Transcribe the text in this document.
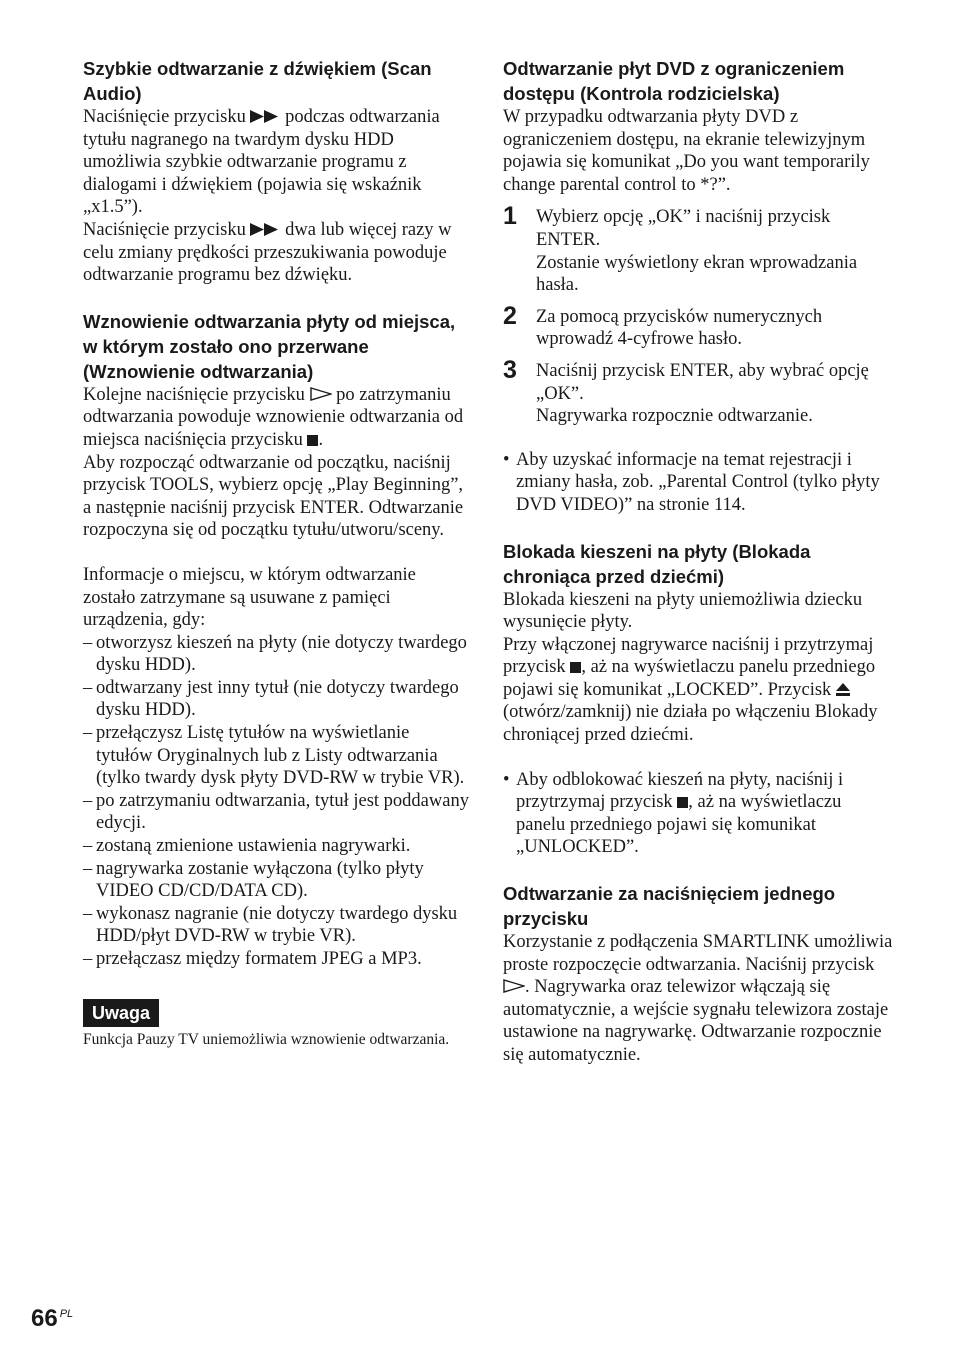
Szybkie odtwarzanie z dźwiękiem (Scan Audio)

Naciśnięcie przycisku podczas odtwarzania tytułu nagranego na twardym dysku HDD umożliwia szybkie odtwarzanie programu z dialogami i dźwiękiem (pojawia się wskaźnik „x1.5”).

Naciśnięcie przycisku dwa lub więcej razy w celu zmiany prędkości przeszukiwania powoduje odtwarzanie programu bez dźwięku.

Wznowienie odtwarzania płyty od miejsca, w którym zostało ono przerwane (Wznowienie odtwarzania)

Kolejne naciśnięcie przycisku po zatrzymaniu odtwarzania powoduje wznowienie odtwarzania od miejsca naciśnięcia przycisku .

Aby rozpocząć odtwarzanie od początku, naciśnij przycisk TOOLS, wybierz opcję „Play Beginning”, a następnie naciśnij przycisk ENTER. Odtwarzanie rozpoczyna się od początku tytułu/utworu/sceny.

Informacje o miejscu, w którym odtwarzanie zostało zatrzymane są usuwane z pamięci urządzenia, gdy:

– otworzysz kieszeń na płyty (nie dotyczy twardego dysku HDD).
– odtwarzany jest inny tytuł (nie dotyczy twardego dysku HDD).
– przełączysz Listę tytułów na wyświetlanie tytułów Oryginalnych lub z Listy odtwarzania (tylko twardy dysk płyty DVD-RW w trybie VR).
– po zatrzymaniu odtwarzania, tytuł jest poddawany edycji.
– zostaną zmienione ustawienia nagrywarki.
– nagrywarka zostanie wyłączona (tylko płyty VIDEO CD/CD/DATA CD).
– wykonasz nagranie (nie dotyczy twardego dysku HDD/płyt DVD-RW w trybie VR).
– przełączasz między formatem JPEG a MP3.
Uwaga

Funkcja Pauzy TV uniemożliwia wznowienie odtwarzania.

Odtwarzanie płyt DVD z ograniczeniem dostępu (Kontrola rodzicielska)

W przypadku odtwarzania płyty DVD z ograniczeniem dostępu, na ekranie telewizyjnym pojawia się komunikat „Do you want temporarily change parental control to *?”.

1 Wybierz opcję „OK” i naciśnij przycisk ENTER.

Zostanie wyświetlony ekran wprowadzania hasła.

2 Za pomocą przycisków numerycznych wprowadź 4-cyfrowe hasło.

3 Naciśnij przycisk ENTER, aby wybrać opcję „OK”.

Nagrywarka rozpocznie odtwarzanie.

• Aby uzyskać informacje na temat rejestracji i zmiany hasła, zob. „Parental Control (tylko płyty DVD VIDEO)” na stronie 114.
Blokada kieszeni na płyty (Blokada chroniąca przed dziećmi)

Blokada kieszeni na płyty uniemożliwia dziecku wysunięcie płyty.

Przy włączonej nagrywarce naciśnij i przytrzymaj przycisk , aż na wyświetlaczu panelu przedniego pojawi się komunikat „LOCKED”. Przycisk  (otwórz/zamknij) nie działa po włączeniu Blokady chroniącej przed dziećmi.

• Aby odblokować kieszeń na płyty, naciśnij i przytrzymaj przycisk , aż na wyświetlaczu panelu przedniego pojawi się komunikat „UNLOCKED”.
Odtwarzanie za naciśnięciem jednego przycisku

Korzystanie z podłączenia SMARTLINK umożliwia proste rozpoczęcie odtwarzania. Naciśnij przycisk . Nagrywarka oraz telewizor włączają się automatycznie, a wejście sygnału telewizora zostaje ustawione na nagrywarkę. Odtwarzanie rozpocznie się automatycznie.

66 $^{PL}$
